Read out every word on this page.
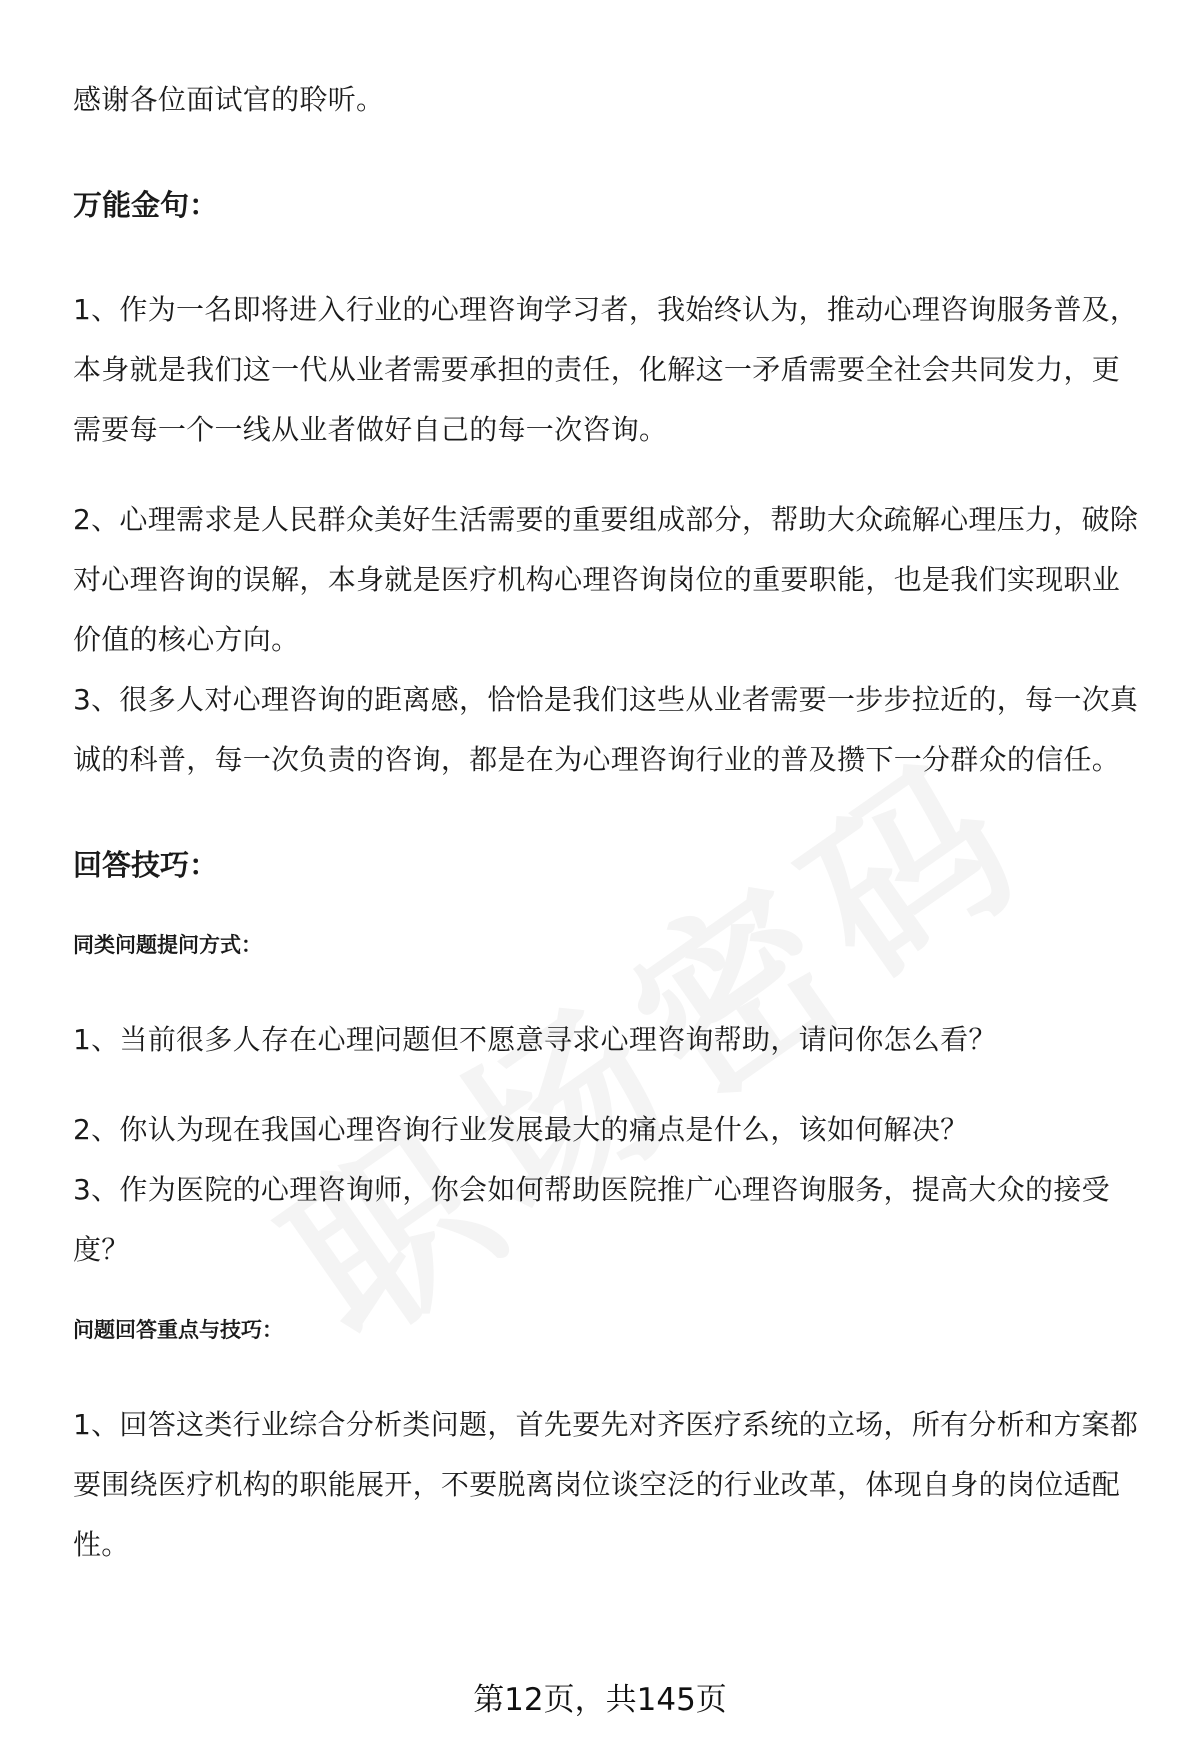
感谢各位面试官的聆听。

万能金句：

1、作为一名即将进入行业的心理咨询学习者，我始终认为，推动心理咨询服务普及，本身就是我们这一代从业者需要承担的责任，化解这一矛盾需要全社会共同发力，更需要每一个一线从业者做好自己的每一次咨询。

2、心理需求是人民群众美好生活需要的重要组成部分，帮助大众疏解心理压力，破除对心理咨询的误解，本身就是医疗机构心理咨询岗位的重要职能，也是我们实现职业价值的核心方向。

3、很多人对心理咨询的距离感，恰恰是我们这些从业者需要一步步拉近的，每一次真诚的科普，每一次负责的咨询，都是在为心理咨询行业的普及攒下一分群众的信任。

回答技巧：

同类问题提问方式：

1、当前很多人存在心理问题但不愿意寻求心理咨询帮助，请问你怎么看？

2、你认为现在我国心理咨询行业发展最大的痛点是什么，该如何解决？

3、作为医院的心理咨询师，你会如何帮助医院推广心理咨询服务，提高大众的接受度？

问题回答重点与技巧：

1、回答这类行业综合分析类问题，首先要先对齐医疗系统的立场，所有分析和方案都要围绕医疗机构的职能展开，不要脱离岗位谈空泛的行业改革，体现自身的岗位适配性。

第12页，共145页
